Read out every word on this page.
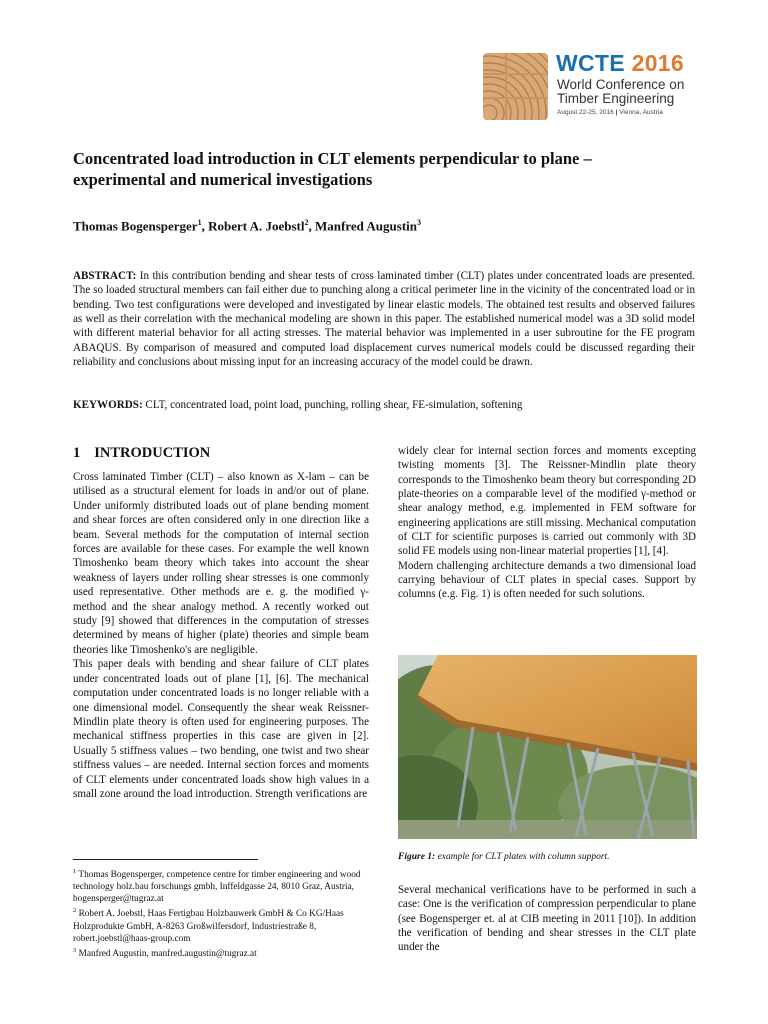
WCTE 2016
World Conference on
Timber Engineering
August 22-25, 2016 | Vienna, Austria
Concentrated load introduction in CLT elements perpendicular to plane –
experimental and numerical investigations
Thomas Bogensperger$^1$, Robert A. Joebstl$^2$, Manfred Augustin$^3$
ABSTRACT: In this contribution bending and shear tests of cross laminated timber (CLT) plates under concentrated loads are presented. The so loaded structural members can fail either due to punching along a critical perimeter line in the vicinity of the concentrated load or in bending. Two test configurations were developed and investigated by linear elastic models. The obtained test results and observed failures as well as their correlation with the mechanical modeling are shown in this paper. The established numerical model was a 3D solid model with different material behavior for all acting stresses. The material behavior was implemented in a user subroutine for the FE program ABAQUS. By comparison of measured and computed load displacement curves numerical models could be discussed regarding their reliability and conclusions about missing input for an increasing accuracy of the model could be drawn.
KEYWORDS: CLT, concentrated load, point load, punching, rolling shear, FE-simulation, softening
1 INTRODUCTION

Cross laminated Timber (CLT) – also known as X-lam – can be utilised as a structural element for loads in and/or out of plane. Under uniformly distributed loads out of plane bending moment and shear forces are often considered only in one direction like a beam. Several methods for the computation of internal section forces are available for these cases. For example the well known Timoshenko beam theory which takes into account the shear weakness of layers under rolling shear stresses is one commonly used representative. Other methods are e. g. the modified γ-method and the shear analogy method. A recently worked out study [9] showed that differences in the computation of stresses determined by means of higher (plate) theories and simple beam theories like Timoshenko's are negligible.

This paper deals with bending and shear failure of CLT plates under concentrated loads out of plane [1], [6]. The mechanical computation under concentrated loads is no longer reliable with a one dimensional model. Consequently the shear weak Reissner-Mindlin plate theory is often used for engineering purposes. The mechanical stiffness properties in this case are given in [2]. Usually 5 stiffness values – two bending, one twist and two shear stiffness values – are needed. Internal section forces and moments of CLT elements under concentrated loads show high values in a small zone around the load introduction. Strength verifications are

$^1$ Thomas Bogensperger, competence centre for timber engineering and wood technology holz.bau forschungs gmbh, Inffeldgasse 24, 8010 Graz, Austria, bogensperger@tugraz.at

$^2$ Robert A. Joebstl, Haas Fertigbau Holzbauwerk GmbH & Co KG/Haas Holzprodukte GmbH, A-8263 Großwilfersdorf, Industriestraße 8, robert.joebstl@haas-group.com

$^3$ Manfred Augustin, manfred.augustin@tugraz.at

widely clear for internal section forces and moments excepting twisting moments [3]. The Reissner-Mindlin plate theory corresponds to the Timoshenko beam theory but corresponding 2D plate-theories on a comparable level of the modified γ-method or shear analogy method, e.g. implemented in FEM software for engineering applications are still missing. Mechanical computation of CLT for scientific purposes is carried out commonly with 3D solid FE models using non-linear material properties [1], [4].

Modern challenging architecture demands a two dimensional load carrying behaviour of CLT plates in special cases. Support by columns (e.g. Fig. 1) is often needed for such solutions.

Figure 1: example for CLT plates with column support.

Several mechanical verifications have to be performed in such a case: One is the verification of compression perpendicular to plane (see Bogensperger et. al at CIB meeting in 2011 [10]). In addition the verification of bending and shear stresses in the CLT plate under the
